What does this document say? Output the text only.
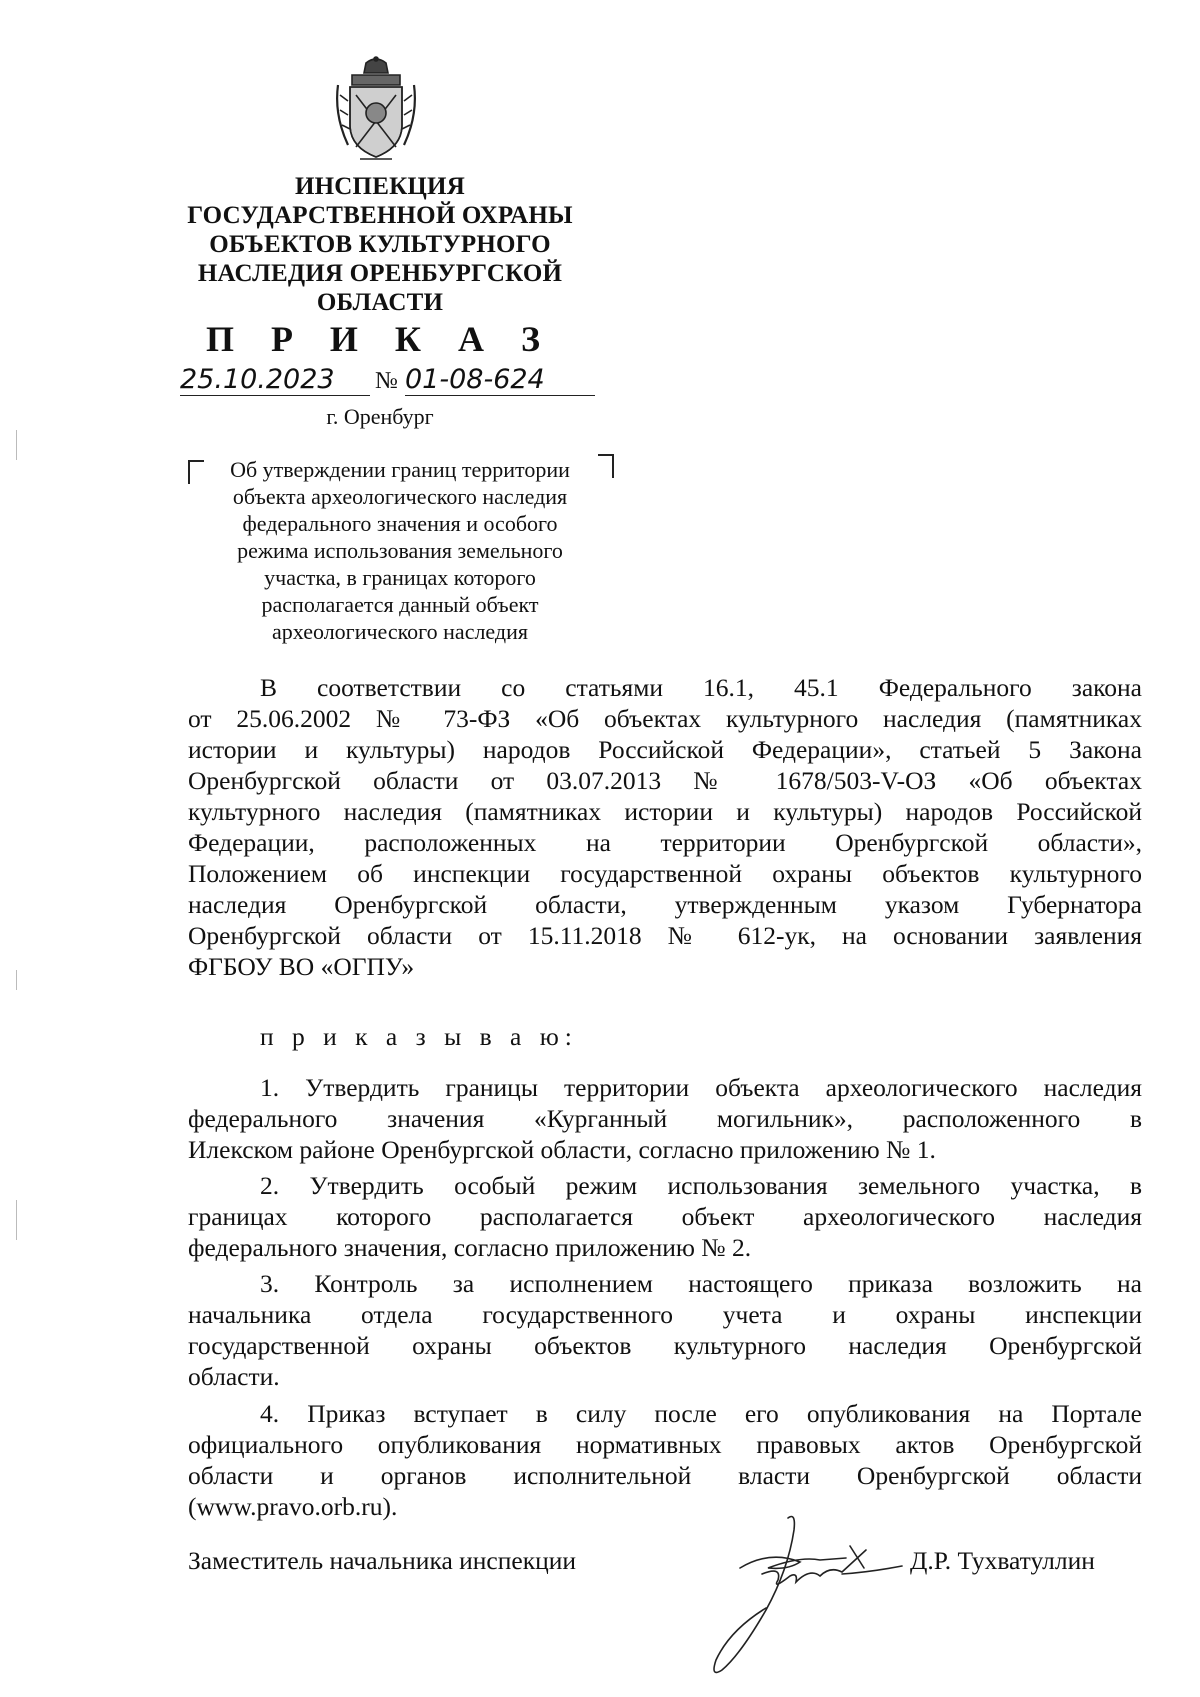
ИНСПЕКЦИЯ
ГОСУДАРСТВЕННОЙ ОХРАНЫ
ОБЪЕКТОВ КУЛЬТУРНОГО
НАСЛЕДИЯ ОРЕНБУРГСКОЙ
ОБЛАСТИ
П Р И К А З
25.10.2023	№ 01-08-624
г. Оренбург
Об утверждении границ территории
объекта археологического наследия
федерального значения и особого
режима использования земельного
участка, в границах которого
располагается данный объект
археологического наследия
В соответствии со статьями 16.1, 45.1 Федерального закона
от 25.06.2002 № 73-ФЗ «Об объектах культурного наследия (памятниках
истории и культуры) народов Российской Федерации», статьей 5 Закона
Оренбургской области от 03.07.2013 № 1678/503-V-ОЗ «Об объектах
культурного наследия (памятниках истории и культуры) народов Российской
Федерации, расположенных на территории Оренбургской области»,
Положением об инспекции государственной охраны объектов культурного
наследия Оренбургской области, утвержденным указом Губернатора
Оренбургской области от 15.11.2018 № 612-ук, на основании заявления
ФГБОУ ВО «ОГПУ»
п р и к а з ы в а ю:
1. Утвердить границы территории объекта археологического наследия
федерального значения «Курганный могильник», расположенного в
Илекском районе Оренбургской области, согласно приложению № 1.
2. Утвердить особый режим использования земельного участка, в
границах которого располагается объект археологического наследия
федерального значения, согласно приложению № 2.
3. Контроль за исполнением настоящего приказа возложить на
начальника отдела государственного учета и охраны инспекции
государственной охраны объектов культурного наследия Оренбургской
области.
4. Приказ вступает в силу после его опубликования на Портале
официального опубликования нормативных правовых актов Оренбургской
области и органов исполнительной власти Оренбургской области
(www.pravo.orb.ru).
Заместитель начальника инспекции	Д.Р. Тухватуллин
